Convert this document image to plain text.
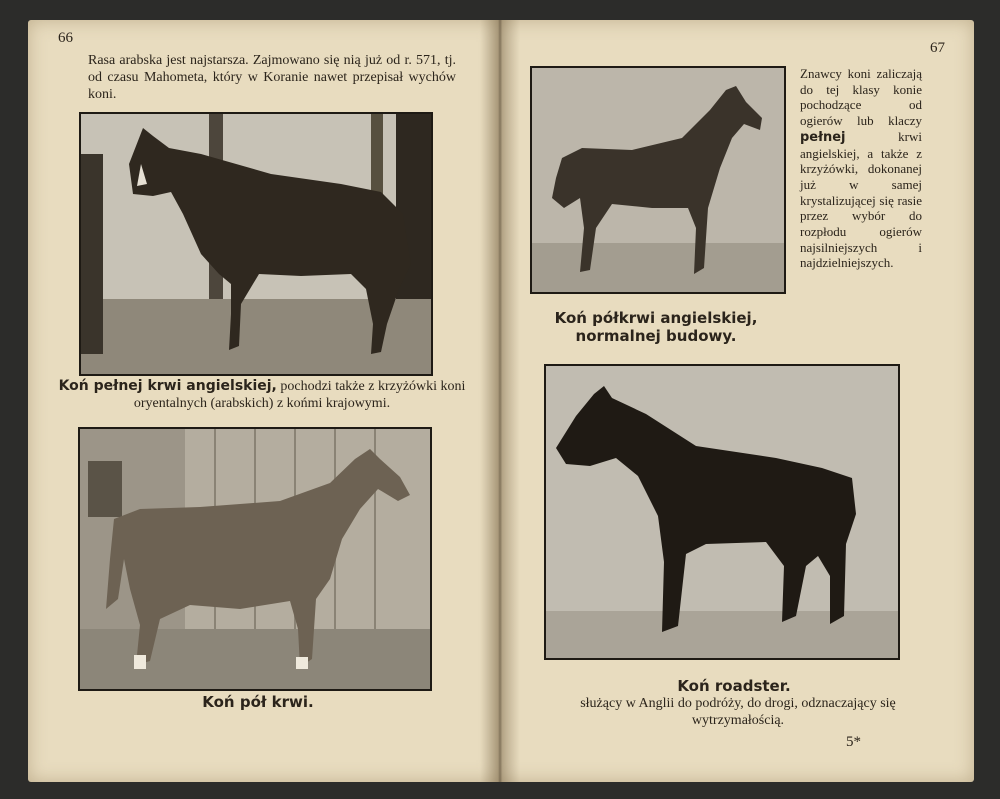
66
Rasa arabska jest najstarsza. Zajmowano się nią już od r. 571, tj. od czasu Mahometa, który w Koranie nawet przepisał wychów koni.
Koń pełnej krwi angielskiej, pochodzi także z krzyżówki koni oryentalnych (arabskich) z końmi krajowymi.
Koń pół krwi.
67
Znawcy koni zaliczają do tej klasy konie pochodzące od ogierów lub klaczy pełnej krwi angielskiej, a także z krzyżówki, dokonanej już w samej krystalizującej się rasie przez wybór do rozpłodu ogierów najsilniejszych i najdzielniejszych.
Koń półkrwi angielskiej,
normalnej budowy.
Koń roadster.
służący w Anglii do podróży, do drogi, odznaczający się wytrzymałością.
5*
